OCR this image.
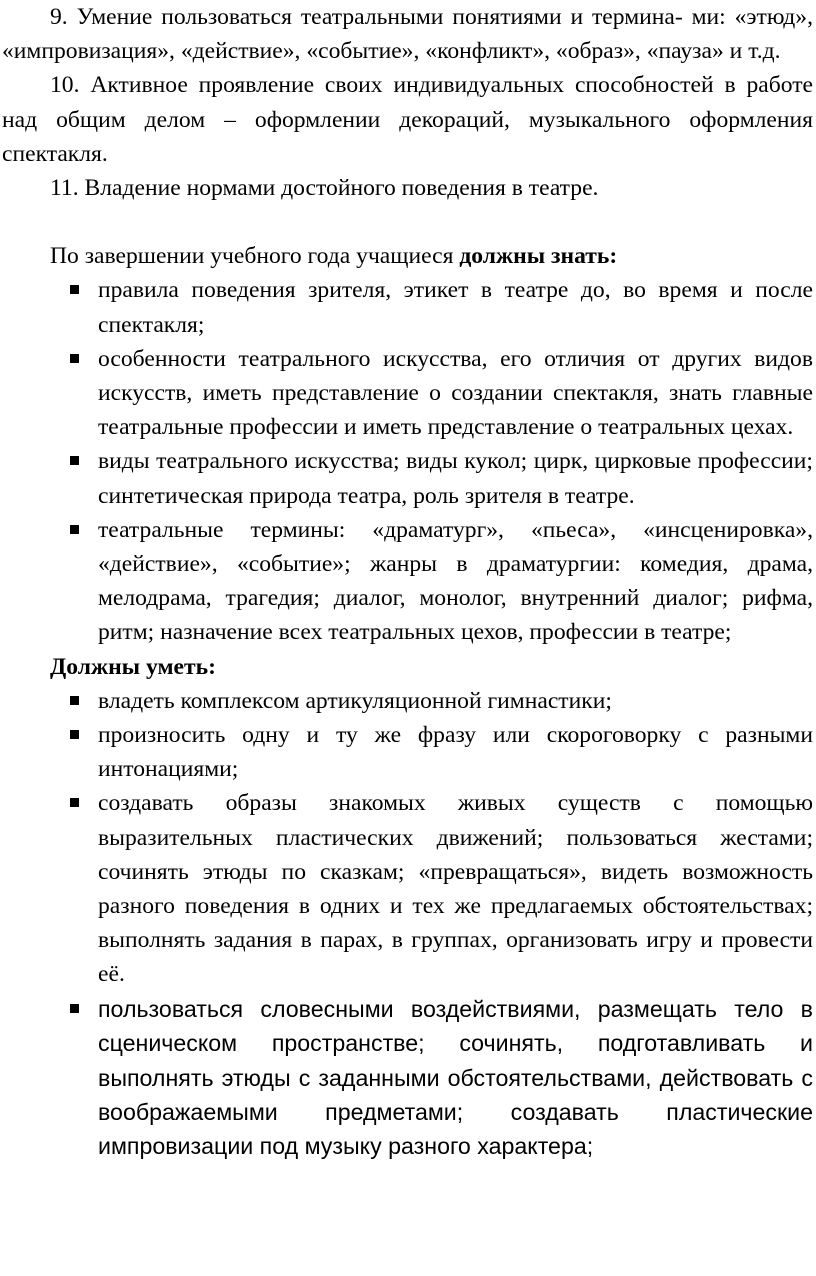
9. Умение пользоваться театральными понятиями и термина- ми: «этюд», «импровизация», «действие», «событие», «конфликт», «образ», «пауза» и т.д.

10. Активное проявление своих индивидуальных способностей в работе над общим делом – оформлении декораций, музыкального оформления спектакля.

11. Владение нормами достойного поведения в театре.

По завершении учебного года учащиеся должны знать:

правила поведения зрителя, этикет в театре до, во время и после спектакля;
особенности театрального искусства, его отличия от других видов искусств, иметь представление о создании спектакля, знать главные театральные профессии и иметь представление о театральных цехах.
виды театрального искусства; виды кукол; цирк, цирковые профессии; синтетическая природа театра, роль зрителя в театре.
театральные термины: «драматург», «пьеса», «инсценировка», «действие», «событие»; жанры в драматургии: комедия, драма, мелодрама, трагедия; диалог, монолог, внутренний диалог; рифма, ритм; назначение всех театральных цехов, профессии в театре;

Должны уметь:

владеть комплексом артикуляционной гимнастики;
произносить одну и ту же фразу или скороговорку с разными интонациями;
создавать образы знакомых живых существ с помощью выразительных пластических движений; пользоваться жестами; сочинять этюды по сказкам; «превращаться», видеть возможность разного поведения в одних и тех же предлагаемых обстоятельствах; выполнять задания в парах, в группах, организовать игру и провести её.
пользоваться словесными воздействиями, размещать тело в сценическом пространстве; сочинять, подготавливать и выполнять этюды с заданными обстоятельствами, действовать с воображаемыми предметами; создавать пластические импровизации под музыку разного характера;
